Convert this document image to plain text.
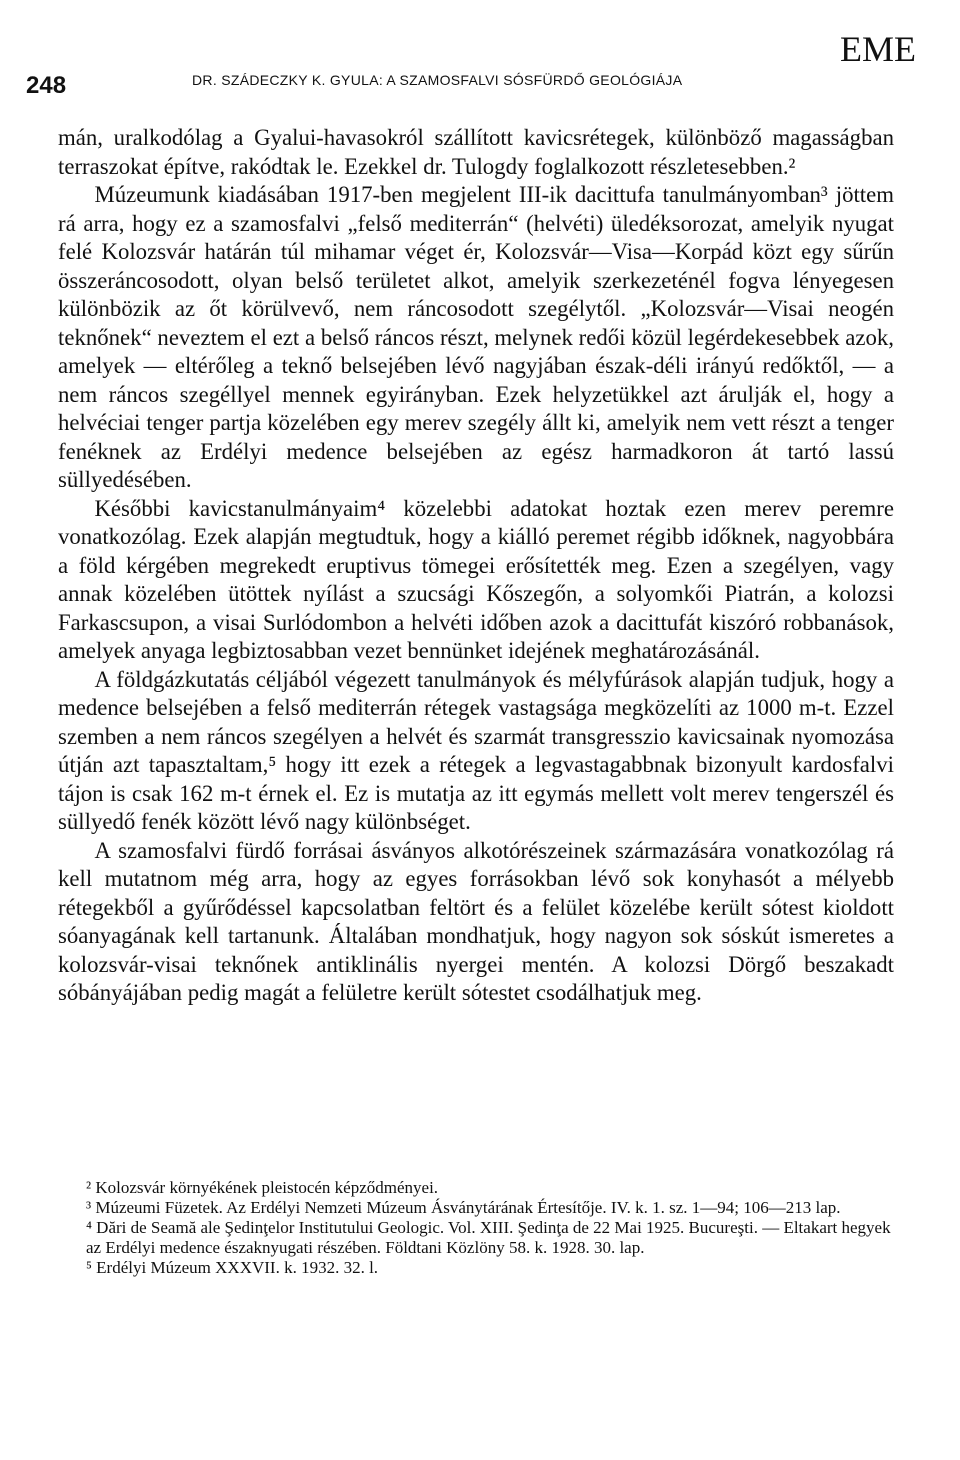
EME
248	DR. SZÁDECZKY K. GYULA: A SZAMOSFALVI SÓSFÜRDŐ GEOLÓGIÁJA

mán, uralkodólag a Gyalui-havasokról szállított kavicsrétegek, különböző magasságban terraszokat építve, rakódtak le. Ezekkel dr. Tulogdy foglalkozott részletesebben.²

Múzeumunk kiadásában 1917-ben megjelent III-ik dacittufa tanulmányomban³ jöttem rá arra, hogy ez a szamosfalvi „felső mediterrán“ (helvéti) üledéksorozat, amelyik nyugat felé Kolozsvár határán túl mihamar véget ér, Kolozsvár—Visa—Korpád közt egy sűrűn összeráncosodott, olyan belső területet alkot, amelyik szerkezeténél fogva lényegesen különbözik az őt körülvevő, nem ráncosodott szegélytől. „Kolozsvár—Visai neogén teknőnek“ neveztem el ezt a belső ráncos részt, melynek redői közül legérdekesebbek azok, amelyek — eltérőleg a teknő belsejében lévő nagyjában észak-déli irányú redőktől, — a nem ráncos szegéllyel mennek egyirányban. Ezek helyzetükkel azt árulják el, hogy a helvéciai tenger partja közelében egy merev szegély állt ki, amelyik nem vett részt a tenger fenéknek az Erdélyi medence belsejében az egész harmadkoron át tartó lassú süllyedésében.

Későbbi kavicstanulmányaim⁴ közelebbi adatokat hoztak ezen merev peremre vonatkozólag. Ezek alapján megtudtuk, hogy a kiálló peremet régibb időknek, nagyobbára a föld kérgében megrekedt eruptivus tömegei erősítették meg. Ezen a szegélyen, vagy annak közelében ütöttek nyílást a szucsági Kőszegőn, a solyomkői Piatrán, a kolozsi Farkascsupon, a visai Surlódombon a helvéti időben azok a dacittufát kiszóró robbanások, amelyek anyaga legbiztosabban vezet bennünket idejének meghatározásánál.

A földgázkutatás céljából végezett tanulmányok és mélyfúrások alapján tudjuk, hogy a medence belsejében a felső mediterrán rétegek vastagsága megközelíti az 1000 m-t. Ezzel szemben a nem ráncos szegélyen a helvét és szarmát transgresszio kavicsainak nyomozása útján azt tapasztaltam,⁵ hogy itt ezek a rétegek a legvastagabbnak bizonyult kardosfalvi tájon is csak 162 m-t érnek el. Ez is mutatja az itt egymás mellett volt merev tengerszél és süllyedő fenék között lévő nagy különbséget.

A szamosfalvi fürdő forrásai ásványos alkotórészeinek származására vonatkozólag rá kell mutatnom még arra, hogy az egyes forrásokban lévő sok konyhasót a mélyebb rétegekből a gyűrődéssel kapcsolatban feltört és a felület közelébe került sótest kioldott sóanyagának kell tartanunk. Általában mondhatjuk, hogy nagyon sok sóskút ismeretes a kolozsvár-visai teknőnek antiklinális nyergei mentén. A kolozsi Dörgő beszakadt sóbányájában pedig magát a felületre került sótestet csodálhatjuk meg.

² Kolozsvár környékének pleistocén képződményei.

³ Múzeumi Füzetek. Az Erdélyi Nemzeti Múzeum Ásványtárának Értesítője. IV. k. 1. sz. 1—94; 106—213 lap.

⁴ Dări de Seamă ale Şedinţelor Institutului Geologic. Vol. XIII. Şedinţa de 22 Mai 1925. Bucureşti. — Eltakart hegyek az Erdélyi medence északnyugati részében. Földtani Közlöny 58. k. 1928. 30. lap.

⁵ Erdélyi Múzeum XXXVII. k. 1932. 32. l.
